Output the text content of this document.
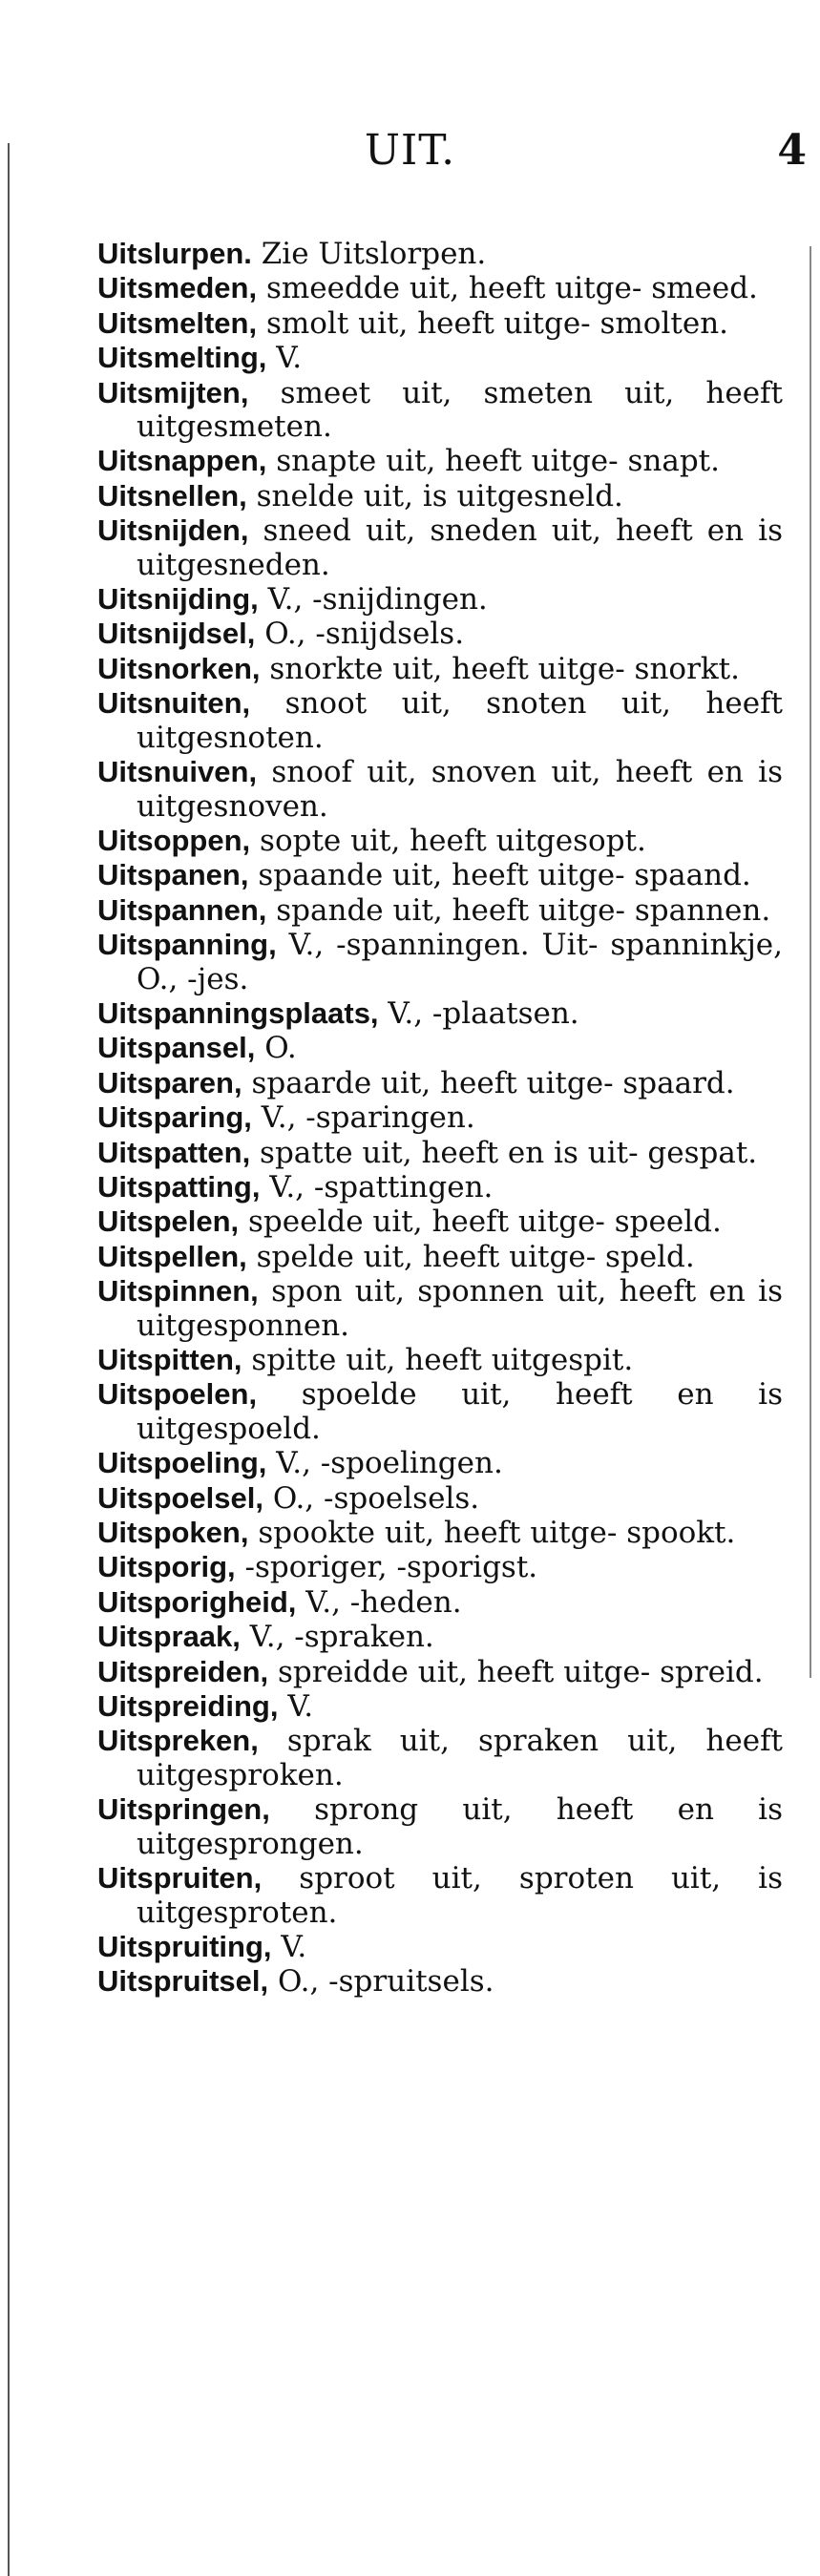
UIT.	4

Uitslurpen. Zie Uitslorpen.

Uitsmeden, smeedde uit, heeft uitge- smeed.

Uitsmelten, smolt uit, heeft uitge- smolten.

Uitsmelting, V.

Uitsmijten, smeet uit, smeten uit, heeft uitgesmeten.

Uitsnappen, snapte uit, heeft uitge- snapt.

Uitsnellen, snelde uit, is uitgesneld.

Uitsnijden, sneed uit, sneden uit, heeft en is uitgesneden.

Uitsnijding, V., -snijdingen.

Uitsnijdsel, O., -snijdsels.

Uitsnorken, snorkte uit, heeft uitge- snorkt.

Uitsnuiten, snoot uit, snoten uit, heeft uitgesnoten.

Uitsnuiven, snoof uit, snoven uit, heeft en is uitgesnoven.

Uitsoppen, sopte uit, heeft uitgesopt.

Uitspanen, spaande uit, heeft uitge- spaand.

Uitspannen, spande uit, heeft uitge- spannen.

Uitspanning, V., -spanningen. Uit- spanninkje, O., -jes.

Uitspanningsplaats, V., -plaatsen.

Uitspansel, O.

Uitsparen, spaarde uit, heeft uitge- spaard.

Uitsparing, V., -sparingen.

Uitspatten, spatte uit, heeft en is uit- gespat.

Uitspatting, V., -spattingen.

Uitspelen, speelde uit, heeft uitge- speeld.

Uitspellen, spelde uit, heeft uitge- speld.

Uitspinnen, spon uit, sponnen uit, heeft en is uitgesponnen.

Uitspitten, spitte uit, heeft uitgespit.

Uitspoelen, spoelde uit, heeft en is uitgespoeld.

Uitspoeling, V., -spoelingen.

Uitspoelsel, O., -spoelsels.

Uitspoken, spookte uit, heeft uitge- spookt.

Uitsporig, -sporiger, -sporigst.

Uitsporigheid, V., -heden.

Uitspraak, V., -spraken.

Uitspreiden, spreidde uit, heeft uitge- spreid.

Uitspreiding, V.

Uitspreken, sprak uit, spraken uit, heeft uitgesproken.

Uitspringen, sprong uit, heeft en is uitgesprongen.

Uitspruiten, sproot uit, sproten uit, is uitgesproten.

Uitspruiting, V.

Uitspruitsel, O., -spruitsels.
